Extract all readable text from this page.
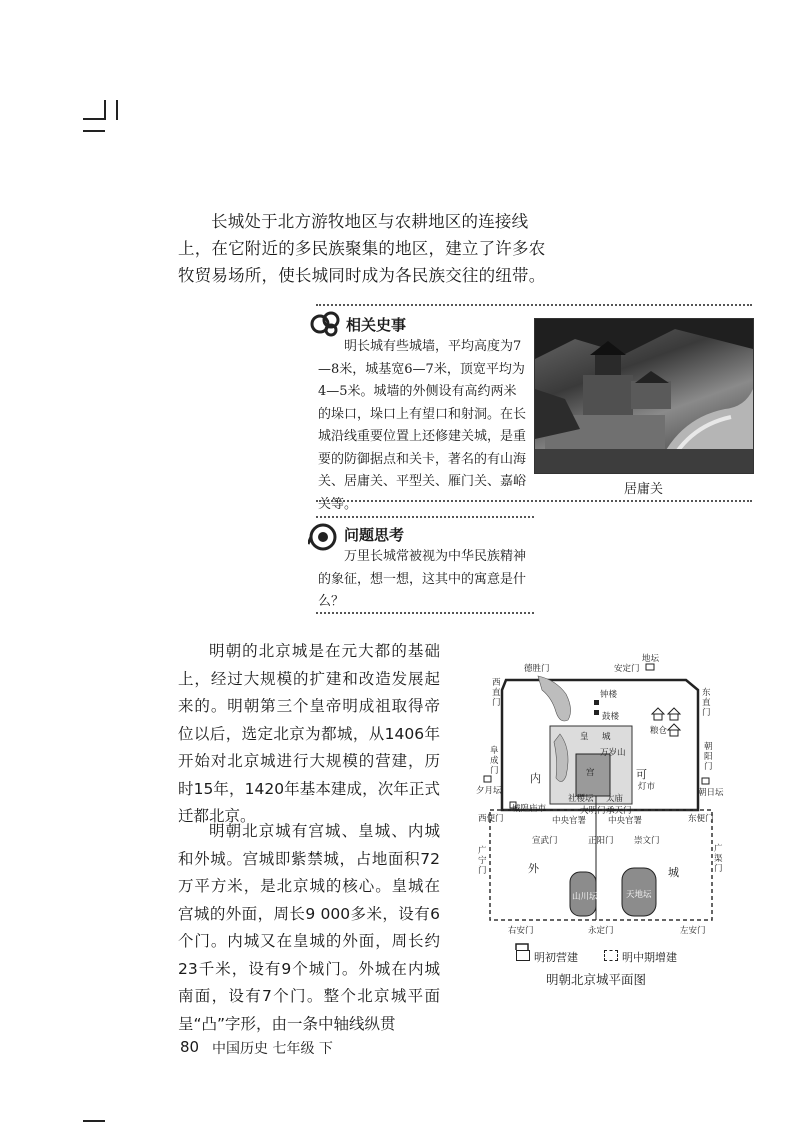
长城处于北方游牧地区与农耕地区的连接线上，在它附近的多民族聚集的地区，建立了许多农牧贸易场所，使长城同时成为各民族交往的纽带。
相关史事
明长城有些城墙，平均高度为7—8米，城基宽6—7米，顶宽平均为4—5米。城墙的外侧设有高约两米的垛口，垛口上有望口和射洞。在长城沿线重要位置上还修建关城，是重要的防御据点和关卡，著名的有山海关、居庸关、平型关、雁门关、嘉峪关等。
居庸关
问题思考
万里长城常被视为中华民族精神的象征，想一想，这其中的寓意是什么？
明朝的北京城是在元大都的基础上，经过大规模的扩建和改造发展起来的。明朝第三个皇帝明成祖取得帝位以后，选定北京为都城，从1406年开始对北京城进行大规模的营建，历时15年，1420年基本建成，次年正式迁都北京。
明朝北京城有宫城、皇城、内城和外城。宫城即紫禁城，占地面积72万平方米，是北京城的核心。皇城在宫城的外面，周长9 000多米，设有6个门。内城又在皇城的外面，周长约23千米，设有9个城门。外城在内城南面，设有7个门。整个北京城平面呈“凸”字形，由一条中轴线纵贯
德胜门	安定门
地坛
西直门
东直门
钟楼
鼓楼
粮仓
皇 城
万岁山
阜成门
朝阳门
内	宫	可
灯市
夕月坛	朝日坛
城隍庙市
社稷坛 太庙
大明门 承天门
西便门	东便门
中央官署	中央官署
宣武门	正阳门 崇文门
广宁门
广渠门
外	城
山川坛	天地坛
右安门	永定门	左安门
明初营建	明中期增建
明朝北京城平面图
80 中国历史 七年级 下
